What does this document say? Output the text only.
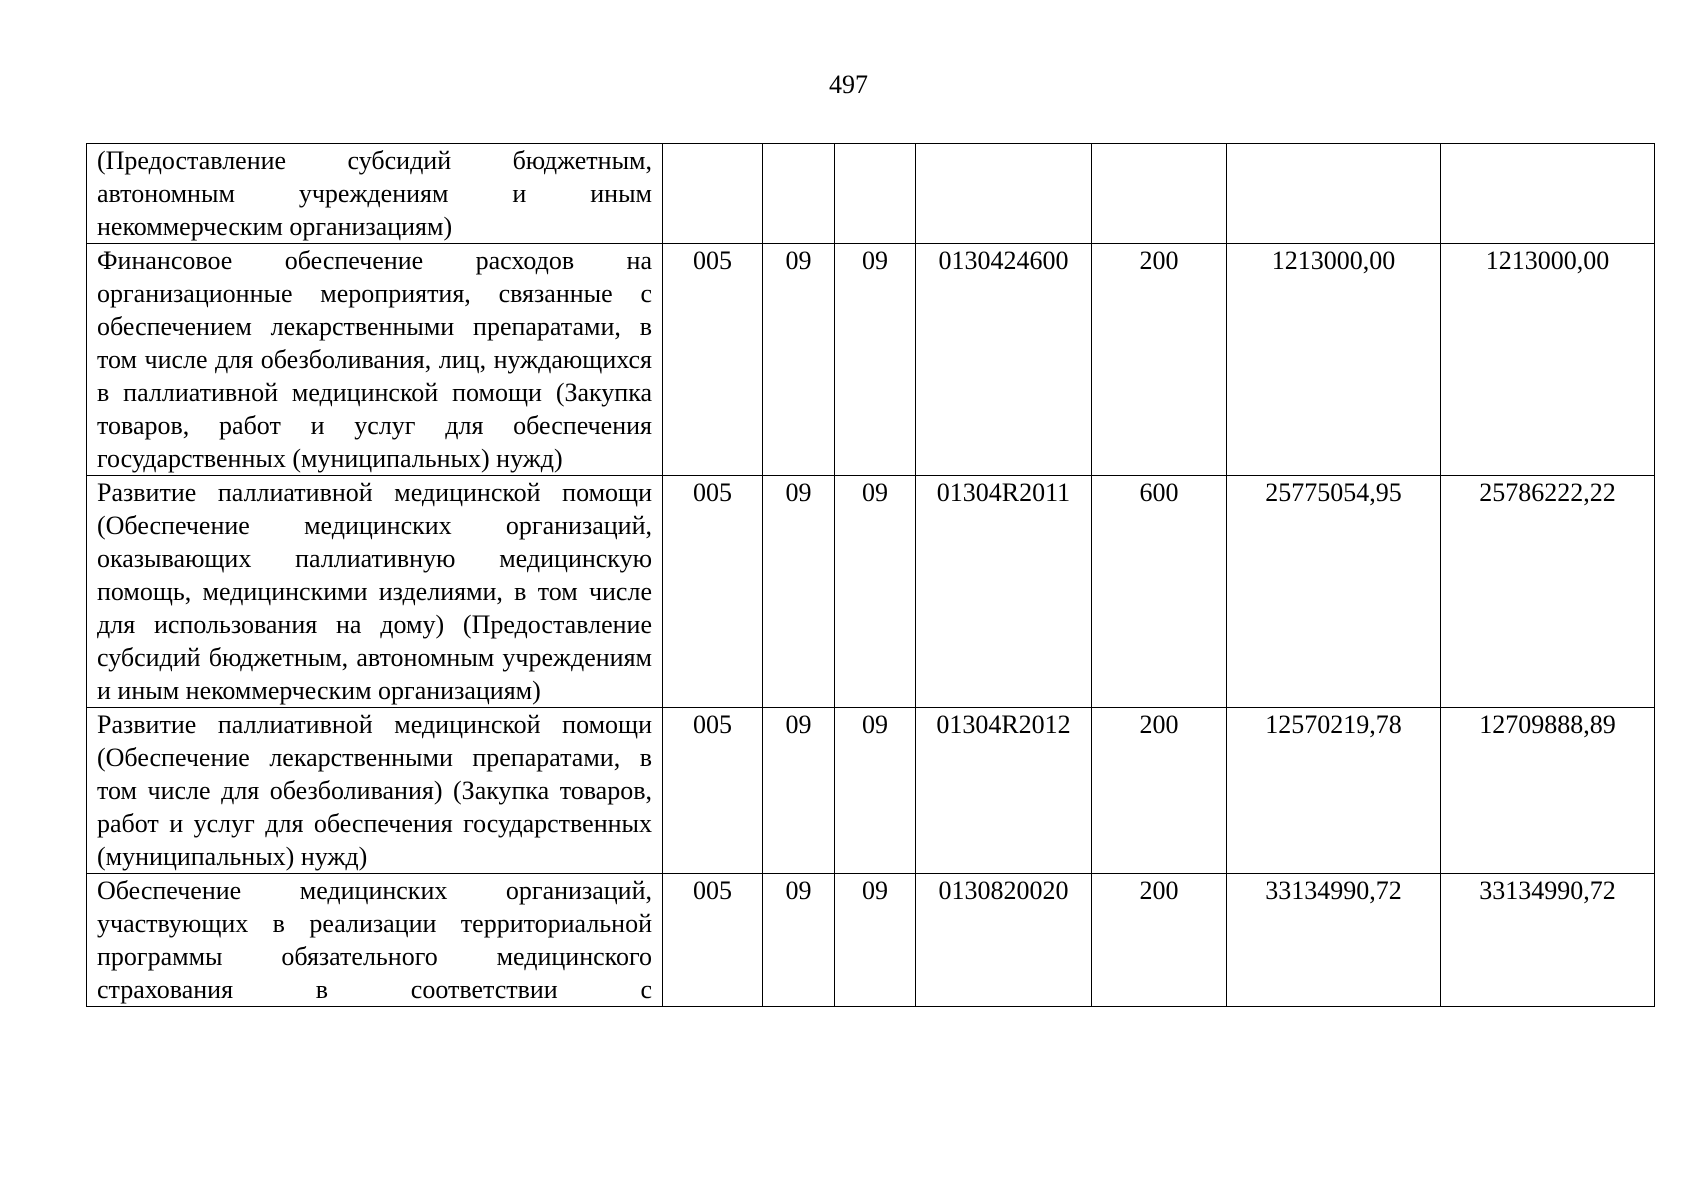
497
(Предоставление субсидий бюджетным, автономным учреждениям и иным некоммерческим организациям)							
Финансовое обеспечение расходов на организационные мероприятия, связанные с обеспечением лекарственными препаратами, в том числе для обезболивания, лиц, нуждающихся в паллиативной медицинской помощи (Закупка товаров, работ и услуг для обеспечения государственных (муниципальных) нужд)	005	09	09	0130424600	200	1213000,00	1213000,00
Развитие паллиативной медицинской помощи (Обеспечение медицинских организаций, оказывающих паллиативную медицинскую помощь, медицинскими изделиями, в том числе для использования на дому) (Предоставление субсидий бюджетным, автономным учреждениям и иным некоммерческим организациям)	005	09	09	01304R2011	600	25775054,95	25786222,22
Развитие паллиативной медицинской помощи (Обеспечение лекарственными препаратами, в том числе для обезболивания) (Закупка товаров, работ и услуг для обеспечения государственных (муниципальных) нужд)	005	09	09	01304R2012	200	12570219,78	12709888,89
Обеспечение медицинских организаций, участвующих в реализации территориальной программы обязательного медицинского страхования в соответствии с	005	09	09	0130820020	200	33134990,72	33134990,72
